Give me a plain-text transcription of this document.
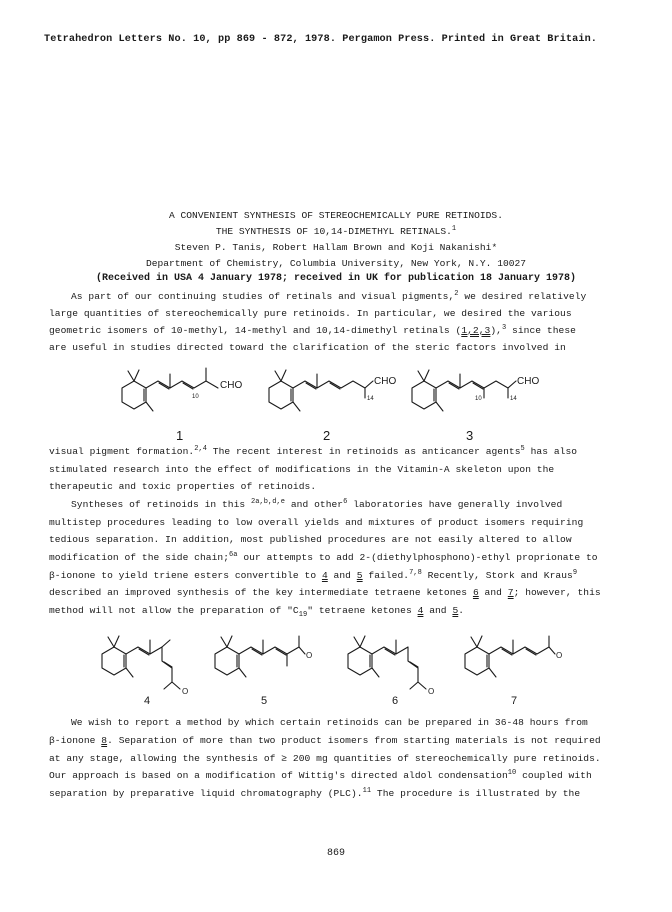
Tetrahedron Letters No. 10, pp 869 - 872, 1978. Pergamon Press. Printed in Great Britain.
A CONVENIENT SYNTHESIS OF STEREOCHEMICALLY PURE RETINOIDS.
THE SYNTHESIS OF 10,14-DIMETHYL RETINALS.$^1$
Steven P. Tanis, Robert Hallam Brown and Koji Nakanishi*
Department of Chemistry, Columbia University, New York, N.Y. 10027
(Received in USA 4 January 1978; received in UK for publication 18 January 1978)
As part of our continuing studies of retinals and visual pigments,$^2$ we desired relatively
large quantities of stereochemically pure retinoids. In particular, we desired the various
geometric isomers of 10-methyl, 14-methyl and 10,14-dimethyl retinals (1,2,3),$^3$ since these
are useful in studies directed toward the clarification of the steric factors involved in
CHO
10
1
CHO
14
2
CHO
10	14
3
visual pigment formation.$^{2,4}$ The recent interest in retinoids as anticancer agents$^5$ has also
stimulated research into the effect of modifications in the Vitamin-A skeleton upon the
therapeutic and toxic properties of retinoids.
Syntheses of retinoids in this $^{2a,b,d,e}$ and other$^6$ laboratories have generally involved
multistep procedures leading to low overall yields and mixtures of product isomers requiring
tedious separation. In addition, most published procedures are not easily altered to allow
modification of the side chain;$^{6a}$ our attempts to add 2-(diethylphosphono)-ethyl proprionate to
β-ionone to yield triene esters convertible to 4 and 5 failed.$^{7,8}$ Recently, Stork and Kraus$^9$
described an improved synthesis of the key intermediate tetraene ketones 6 and 7; however, this
method will not allow the preparation of "$C_{19}$" tetraene ketones 4 and 5.
O
4
O
5
O
6
O
7
We wish to report a method by which certain retinoids can be prepared in 36-48 hours from
β-ionone 8. Separation of more than two product isomers from starting materials is not required
at any stage, allowing the synthesis of ≥ 200 mg quantities of stereochemically pure retinoids.
Our approach is based on a modification of Wittig's directed aldol condensation$^{10}$ coupled with
separation by preparative liquid chromatography (PLC).$^{11}$ The procedure is illustrated by the
869
